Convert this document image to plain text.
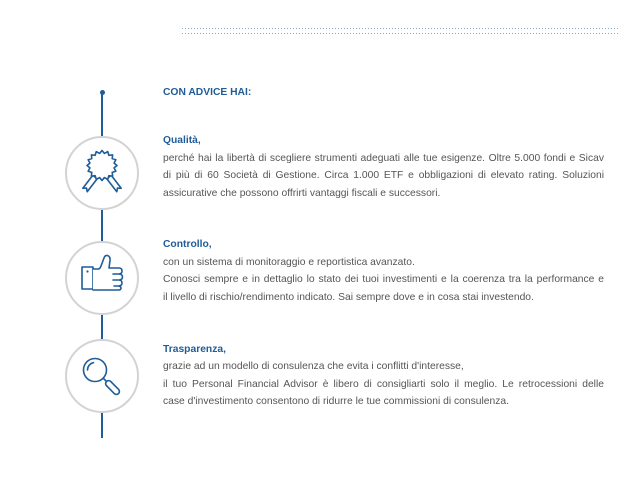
CON ADVICE HAI:
Qualità,
perché hai la libertà di scegliere strumenti adeguati alle tue esigenze. Oltre 5.000 fondi e Sicav
di più di 60 Società di Gestione. Circa 1.000 ETF e obbligazioni di elevato rating. Soluzioni
assicurative che possono offrirti vantaggi fiscali e successori.
Controllo,
con un sistema di monitoraggio e reportistica avanzato.
Conosci sempre e in dettaglio lo stato dei tuoi investimenti e la coerenza tra la performance e
il livello di rischio/rendimento indicato. Sai sempre dove e in cosa stai investendo.
Trasparenza,
grazie ad un modello di consulenza che evita i conflitti d'interesse,
il tuo Personal Financial Advisor è libero di consigliarti solo il meglio. Le retrocessioni delle
case d'investimento consentono di ridurre le tue commissioni di consulenza.
